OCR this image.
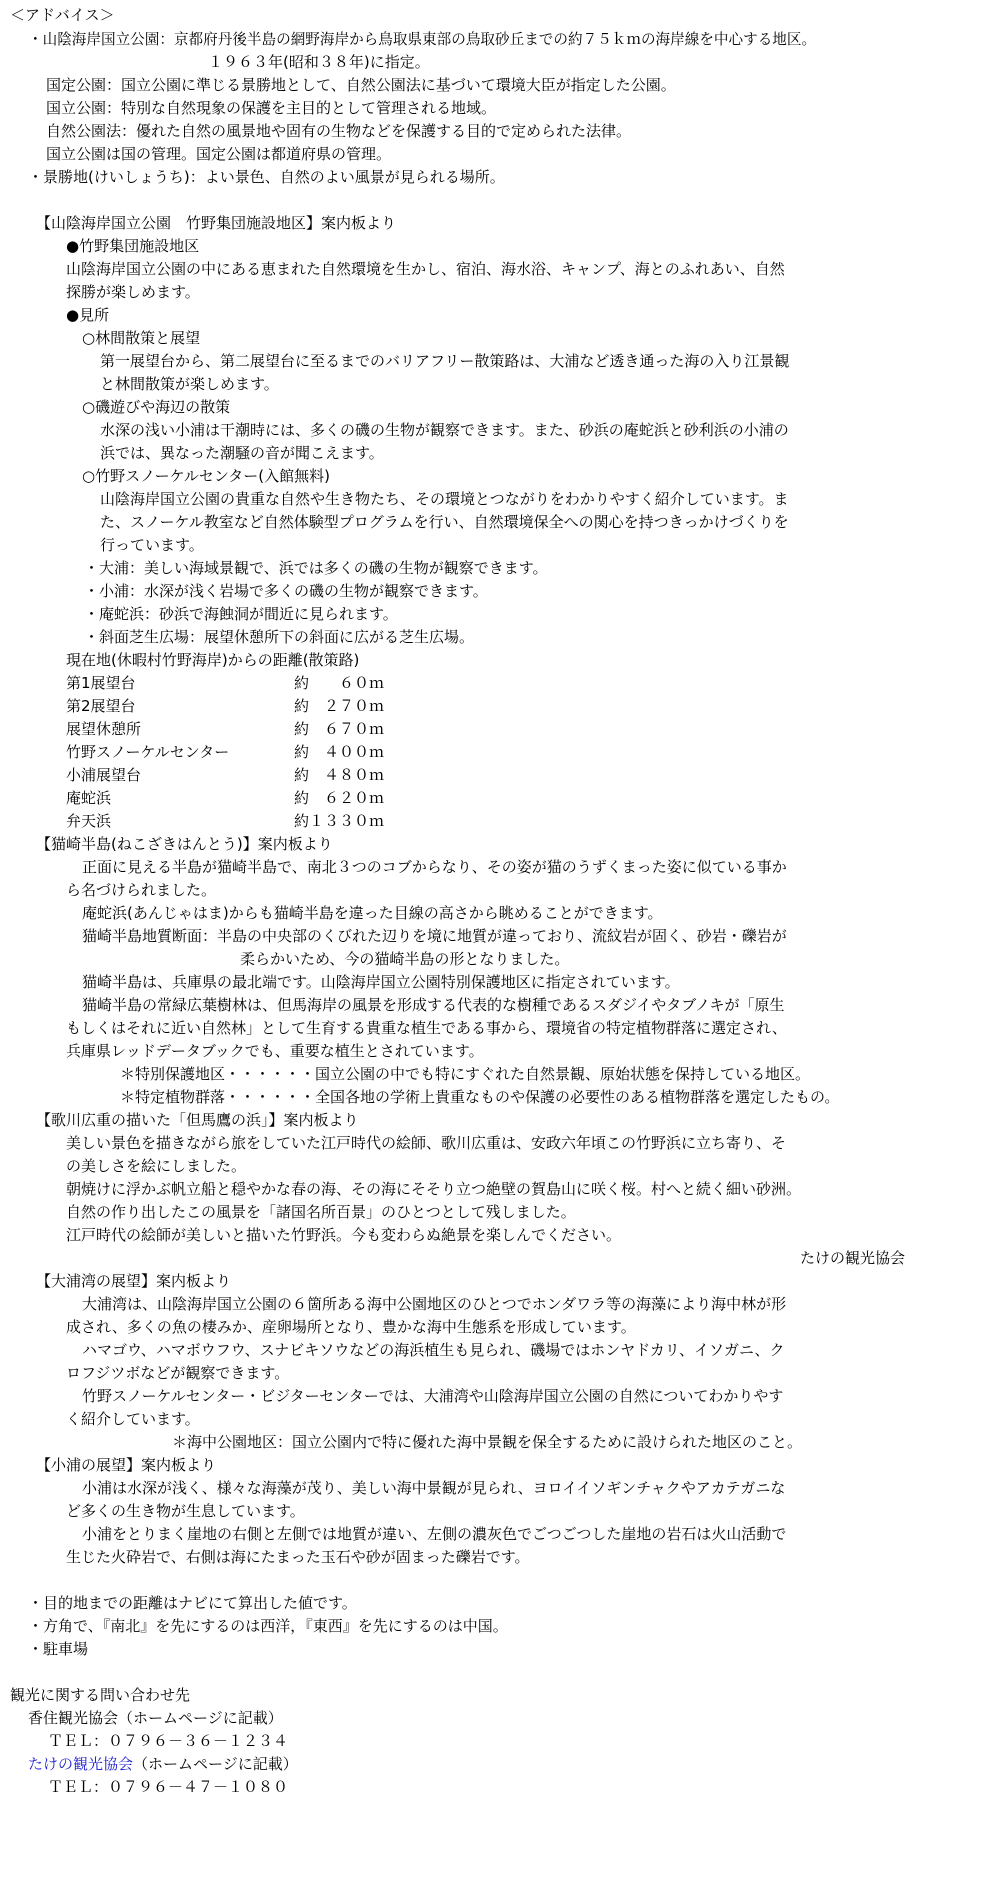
＜アドバイス＞
・山陰海岸国立公園：京都府丹後半島の網野海岸から鳥取県東部の鳥取砂丘までの約７５ｋｍの海岸線を中心する地区。
１９６３年(昭和３８年)に指定。
国定公園：国立公園に準じる景勝地として、自然公園法に基づいて環境大臣が指定した公園。
国立公園：特別な自然現象の保護を主目的として管理される地域。
自然公園法：優れた自然の風景地や固有の生物などを保護する目的で定められた法律。
国立公園は国の管理。国定公園は都道府県の管理。
・景勝地(けいしょうち)：よい景色、自然のよい風景が見られる場所。
【山陰海岸国立公園　竹野集団施設地区】案内板より
●竹野集団施設地区
山陰海岸国立公園の中にある恵まれた自然環境を生かし、宿泊、海水浴、キャンプ、海とのふれあい、自然
探勝が楽しめます。
●見所
○林間散策と展望
第一展望台から、第二展望台に至るまでのバリアフリー散策路は、大浦など透き通った海の入り江景観
と林間散策が楽しめます。
○磯遊びや海辺の散策
水深の浅い小浦は干潮時には、多くの磯の生物が観察できます。また、砂浜の庵蛇浜と砂利浜の小浦の
浜では、異なった潮騒の音が聞こえます。
○竹野スノーケルセンター(入館無料)
山陰海岸国立公園の貴重な自然や生き物たち、その環境とつながりをわかりやすく紹介しています。ま
た、スノーケル教室など自然体験型プログラムを行い、自然環境保全への関心を持つきっかけづくりを
行っています。
・大浦：美しい海域景観で、浜では多くの磯の生物が観察できます。
・小浦：水深が浅く岩場で多くの磯の生物が観察できます。
・庵蛇浜：砂浜で海蝕洞が間近に見られます。
・斜面芝生広場：展望休憩所下の斜面に広がる芝生広場。
現在地(休暇村竹野海岸)からの距離(散策路)
第1展望台	約　　６０ｍ
第2展望台	約　２７０ｍ
展望休憩所	約　６７０ｍ
竹野スノーケルセンター	約　４００ｍ
小浦展望台	約　４８０ｍ
庵蛇浜	約　６２０ｍ
弁天浜	約１３３０ｍ
【猫崎半島(ねこざきはんとう)】案内板より
正面に見える半島が猫崎半島で、南北３つのコブからなり、その姿が猫のうずくまった姿に似ている事か
ら名づけられました。
庵蛇浜(あんじゃはま)からも猫崎半島を違った目線の高さから眺めることができます。
猫崎半島地質断面：半島の中央部のくびれた辺りを境に地質が違っており、流紋岩が固く、砂岩・礫岩が
柔らかいため、今の猫崎半島の形となりました。
猫崎半島は、兵庫県の最北端です。山陰海岸国立公園特別保護地区に指定されています。
猫崎半島の常緑広葉樹林は、但馬海岸の風景を形成する代表的な樹種であるスダジイやタブノキが「原生
もしくはそれに近い自然林」として生育する貴重な植生である事から、環境省の特定植物群落に選定され、
兵庫県レッドデータブックでも、重要な植生とされています。
＊特別保護地区・・・・・・国立公園の中でも特にすぐれた自然景観、原始状態を保持している地区。
＊特定植物群落・・・・・・全国各地の学術上貴重なものや保護の必要性のある植物群落を選定したもの。
【歌川広重の描いた「但馬鷹の浜」】案内板より
美しい景色を描きながら旅をしていた江戸時代の絵師、歌川広重は、安政六年頃この竹野浜に立ち寄り、そ
の美しさを絵にしました。
朝焼けに浮かぶ帆立船と穏やかな春の海、その海にそそり立つ絶壁の賀島山に咲く桜。村へと続く細い砂洲。
自然の作り出したこの風景を「諸国名所百景」のひとつとして残しました。
江戸時代の絵師が美しいと描いた竹野浜。今も変わらぬ絶景を楽しんでください。
たけの観光協会
【大浦湾の展望】案内板より
大浦湾は、山陰海岸国立公園の６箇所ある海中公園地区のひとつでホンダワラ等の海藻により海中林が形
成され、多くの魚の棲みか、産卵場所となり、豊かな海中生態系を形成しています。
ハマゴウ、ハマボウフウ、スナビキソウなどの海浜植生も見られ、磯場ではホンヤドカリ、イソガニ、ク
ロフジツボなどが観察できます。
竹野スノーケルセンター・ビジターセンターでは、大浦湾や山陰海岸国立公園の自然についてわかりやす
く紹介しています。
＊海中公園地区：国立公園内で特に優れた海中景観を保全するために設けられた地区のこと。
【小浦の展望】案内板より
小浦は水深が浅く、様々な海藻が茂り、美しい海中景観が見られ、ヨロイイソギンチャクやアカテガニな
ど多くの生き物が生息しています。
小浦をとりまく崖地の右側と左側では地質が違い、左側の濃灰色でごつごつした崖地の岩石は火山活動で
生じた火砕岩で、右側は海にたまった玉石や砂が固まった礫岩です。
・目的地までの距離はナビにて算出した値です。
・方角で、『南北』を先にするのは西洋，『東西』を先にするのは中国。
・駐車場
観光に関する問い合わせ先
香住観光協会（ホームページに記載）
ＴＥＬ：０７９６－３６－１２３４
たけの観光協会（ホームページに記載）
ＴＥＬ：０７９６－４７－１０８０
